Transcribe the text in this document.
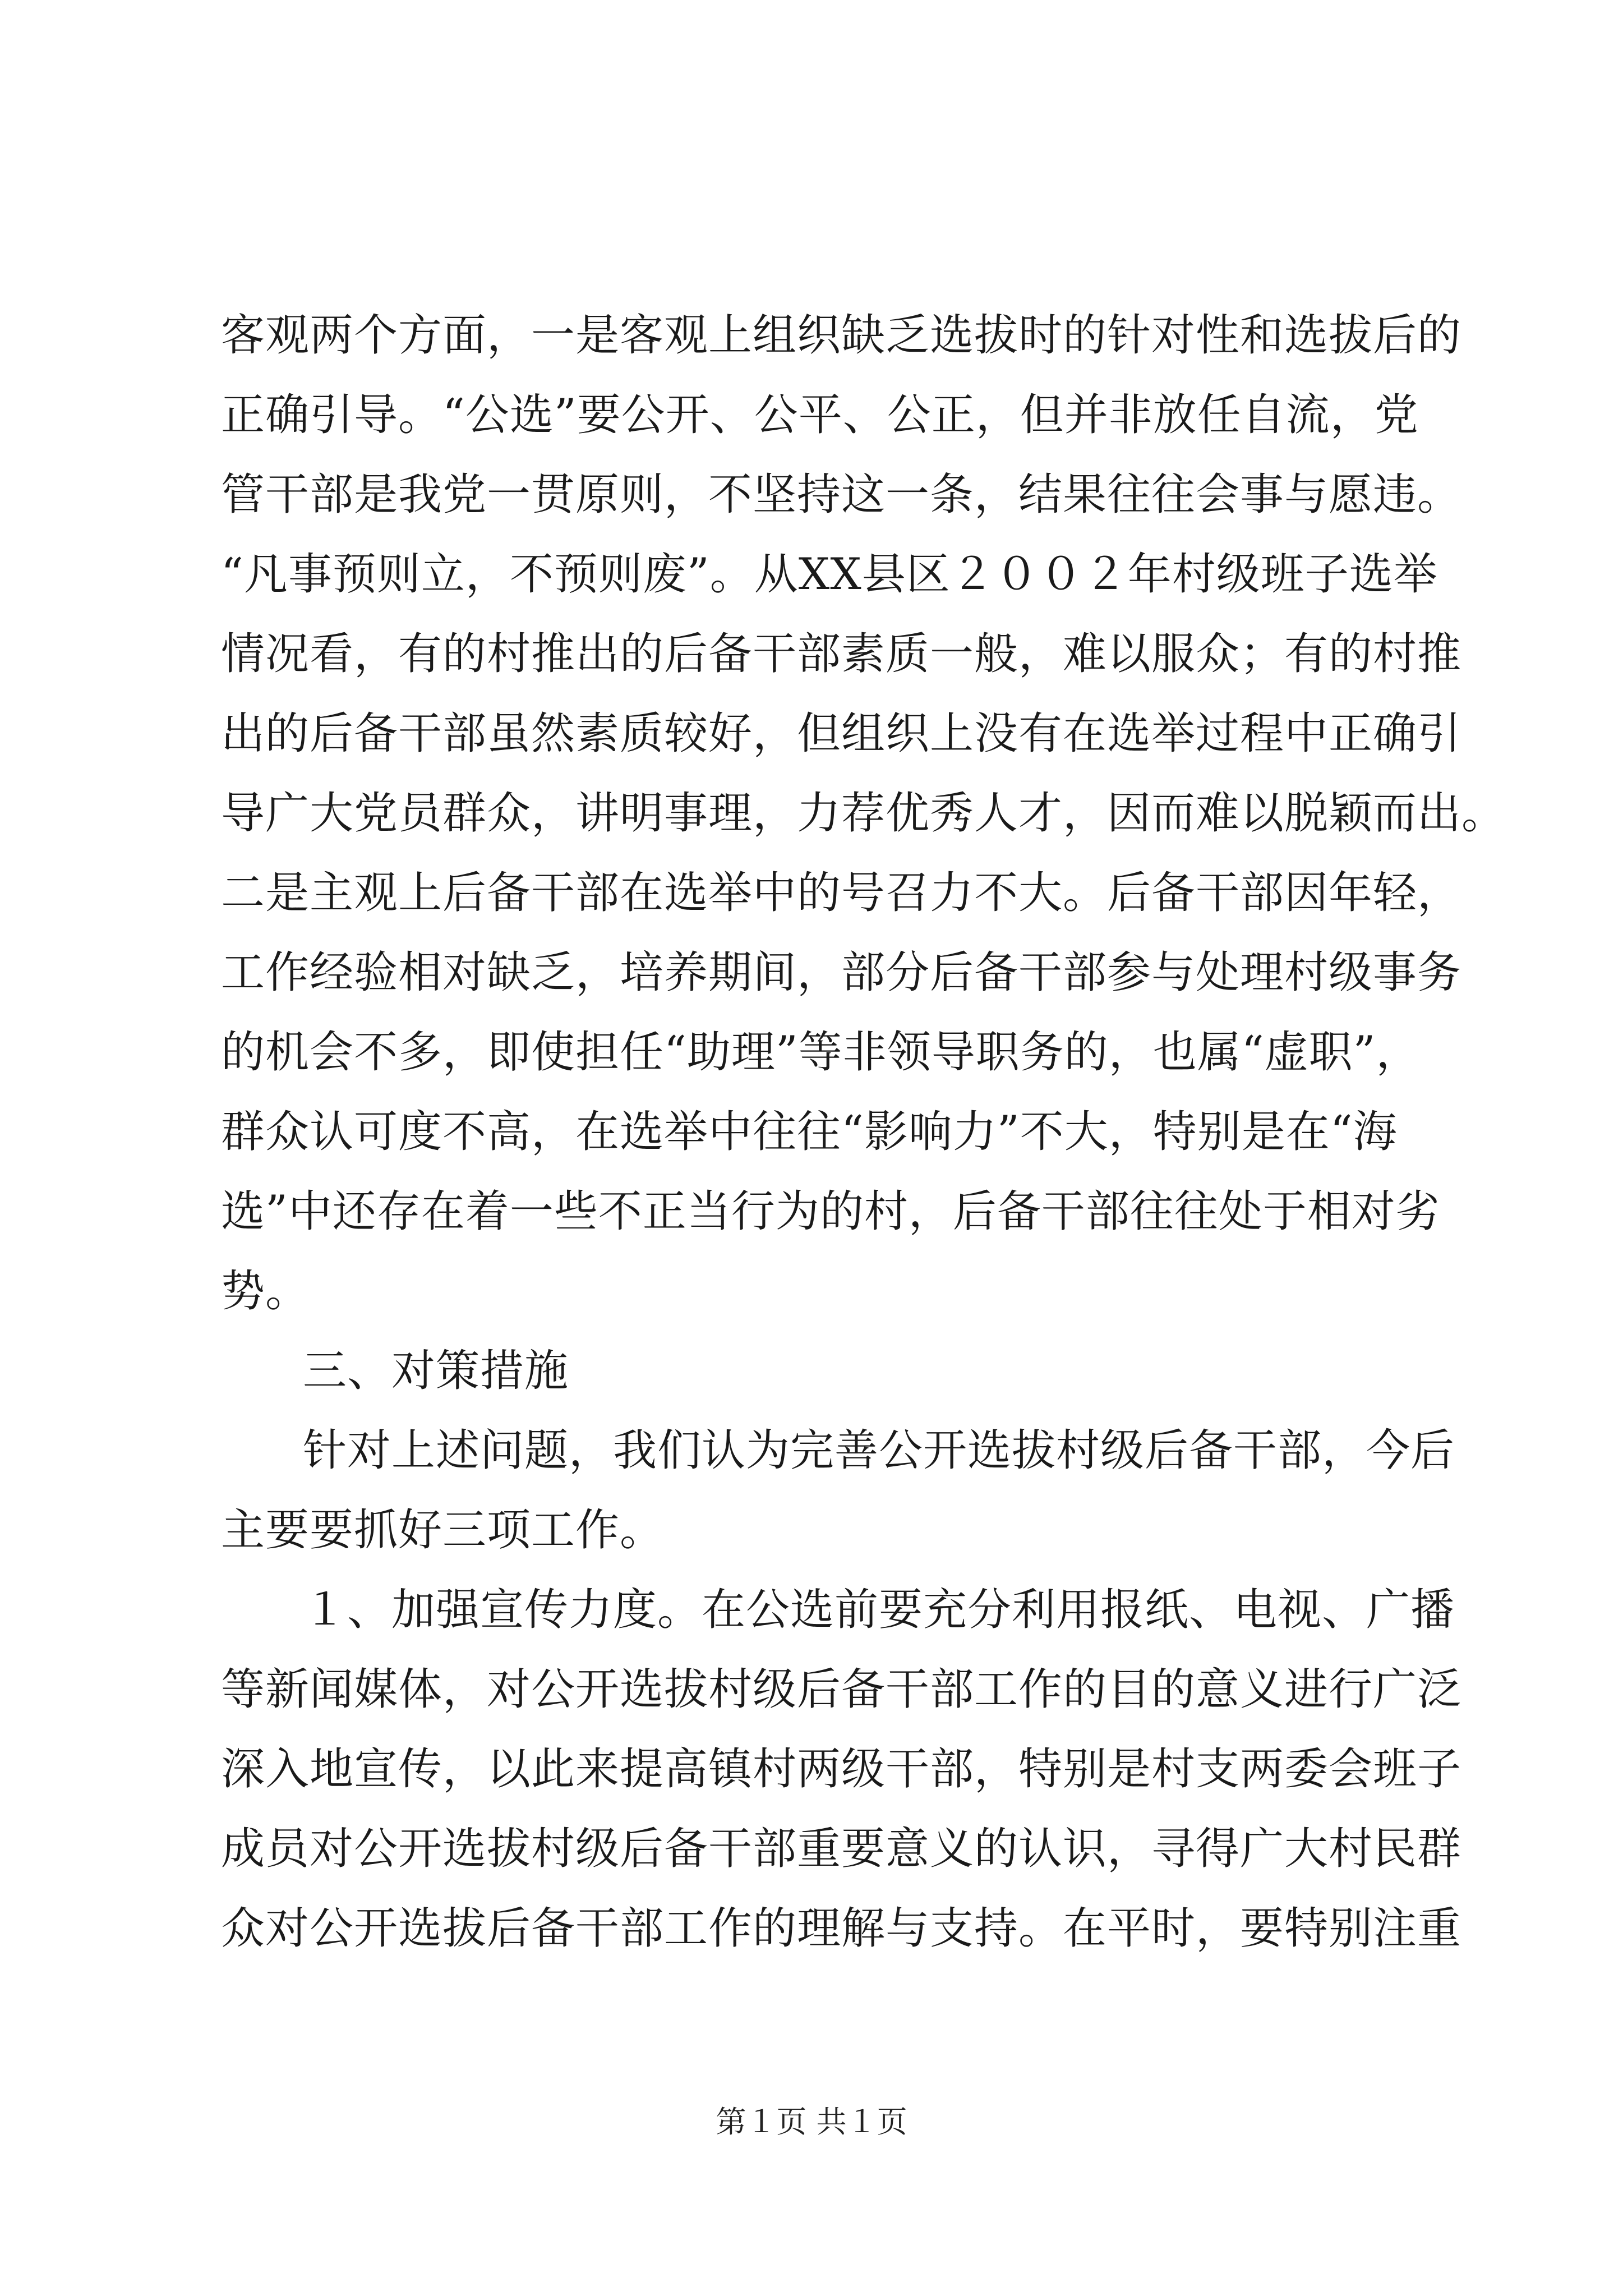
客观两个方面，一是客观上组织缺乏选拔时的针对性和选拔后的
正确引导。“公选”要公开、公平、公正，但并非放任自流，党
管干部是我党一贯原则，不坚持这一条，结果往往会事与愿违。
“凡事预则立，不预则废”。从XX县区２００２年村级班子选举
情况看，有的村推出的后备干部素质一般，难以服众；有的村推
出的后备干部虽然素质较好，但组织上没有在选举过程中正确引
导广大党员群众，讲明事理，力荐优秀人才，因而难以脱颖而出。
二是主观上后备干部在选举中的号召力不大。后备干部因年轻，
工作经验相对缺乏，培养期间，部分后备干部参与处理村级事务
的机会不多，即使担任“助理”等非领导职务的，也属“虚职”，
群众认可度不高，在选举中往往“影响力”不大，特别是在“海
选”中还存在着一些不正当行为的村，后备干部往往处于相对劣
势。
三、对策措施
针对上述问题，我们认为完善公开选拔村级后备干部，今后
主要要抓好三项工作。
１、加强宣传力度。在公选前要充分利用报纸、电视、广播
等新闻媒体，对公开选拔村级后备干部工作的目的意义进行广泛
深入地宣传，以此来提高镇村两级干部，特别是村支两委会班子
成员对公开选拔村级后备干部重要意义的认识，寻得广大村民群
众对公开选拔后备干部工作的理解与支持。在平时，要特别注重
第１页 共１页
